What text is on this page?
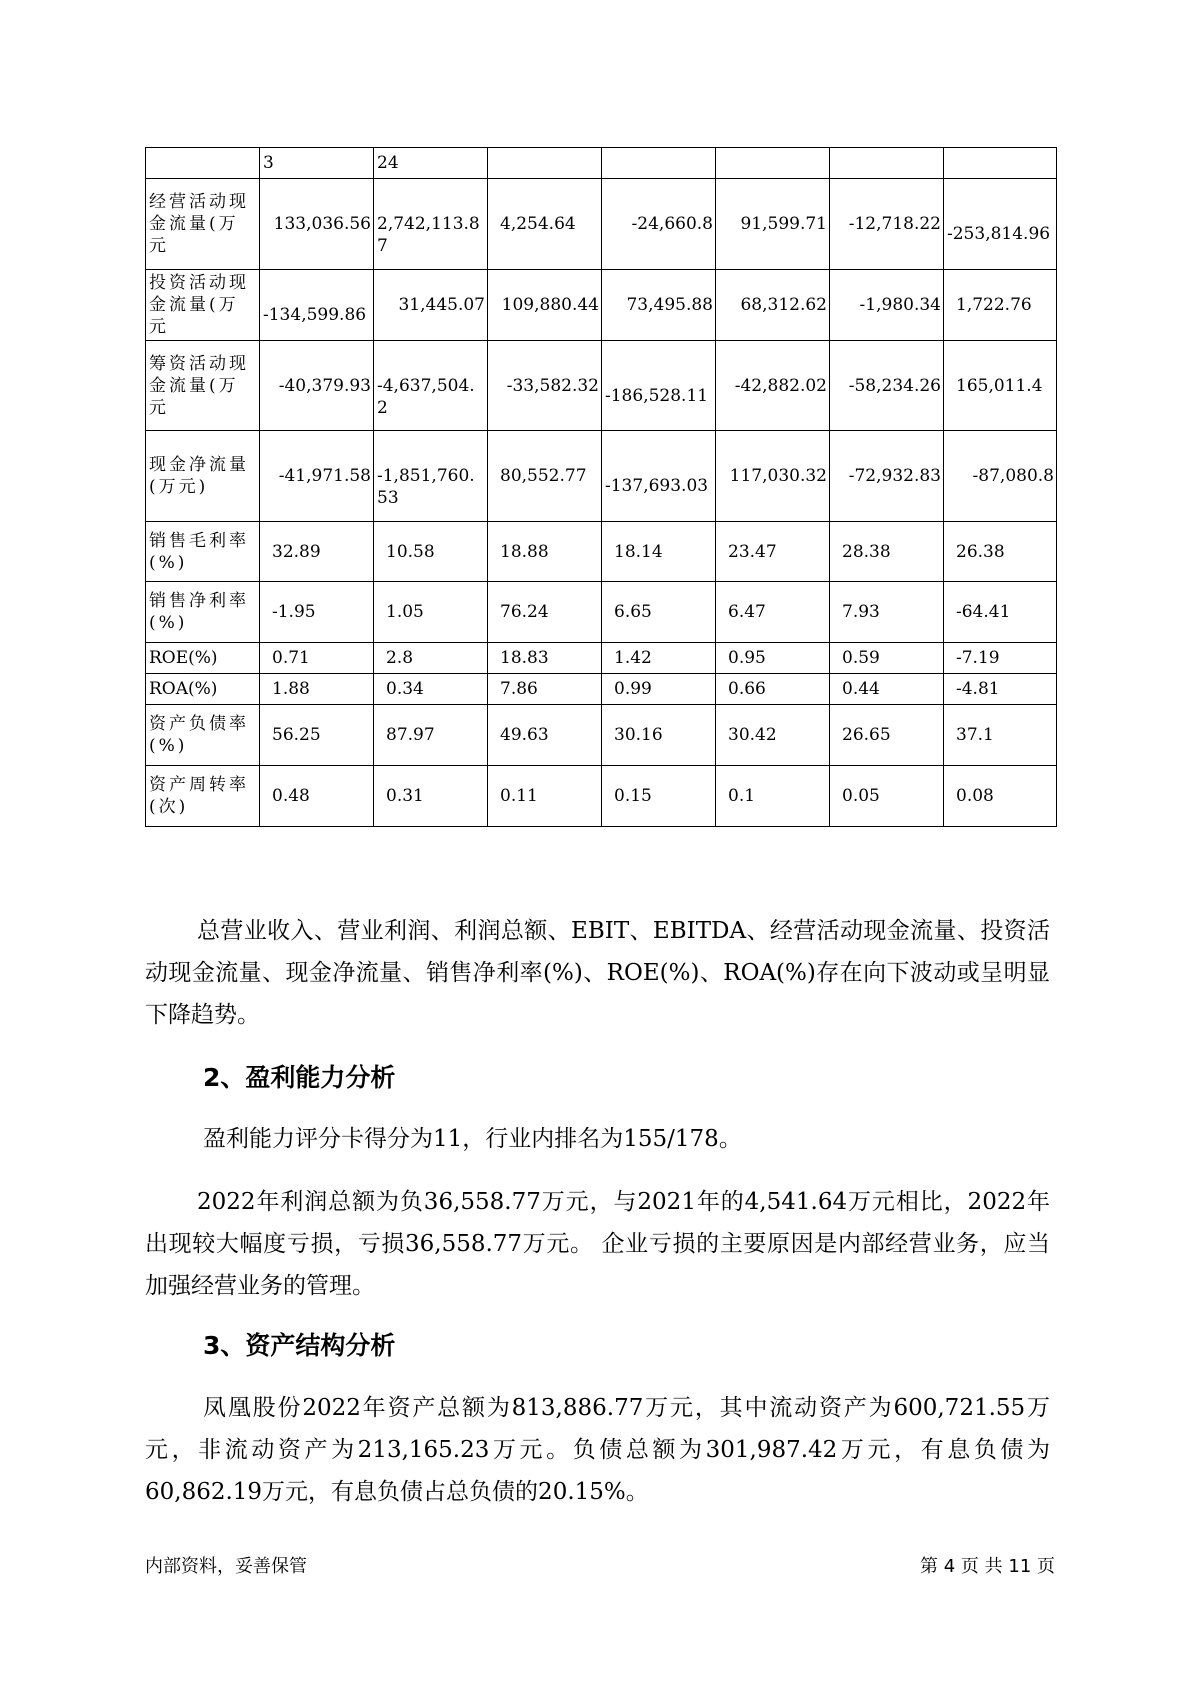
	3	24					
经营活动现金流量(万元	133,036.56	2,742,113.87	4,254.64	-24,660.8	91,599.71	-12,718.22	-253,814.96
投资活动现金流量(万元	-134,599.86	31,445.07	109,880.44	73,495.88	68,312.62	-1,980.34	1,722.76
筹资活动现金流量(万元	-40,379.93	-4,637,504.2	-33,582.32	-186,528.11	-42,882.02	-58,234.26	165,011.4
现金净流量(万元)	-41,971.58	-1,851,760.53	80,552.77	-137,693.03	117,030.32	-72,932.83	-87,080.8
销售毛利率(%)	32.89	10.58	18.88	18.14	23.47	28.38	26.38
销售净利率(%)	-1.95	1.05	76.24	6.65	6.47	7.93	-64.41
ROE(%)	0.71	2.8	18.83	1.42	0.95	0.59	-7.19
ROA(%)	1.88	0.34	7.86	0.99	0.66	0.44	-4.81
资产负债率(%)	56.25	87.97	49.63	30.16	30.42	26.65	37.1
资产周转率(次)	0.48	0.31	0.11	0.15	0.1	0.05	0.08

总营业收入、营业利润、利润总额、EBIT、EBITDA、经营活动现金流量、投资活动现金流量、现金净流量、销售净利率(%)、ROE(%)、ROA(%)存在向下波动或呈明显下降趋势。

2、盈利能力分析

盈利能力评分卡得分为11，行业内排名为155/178。

2022年利润总额为负36,558.77万元，与2021年的4,541.64万元相比，2022年出现较大幅度亏损，亏损36,558.77万元。 企业亏损的主要原因是内部经营业务，应当加强经营业务的管理。

3、资产结构分析

凤凰股份2022年资产总额为813,886.77万元，其中流动资产为600,721.55万元，非流动资产为213,165.23万元。负债总额为301,987.42万元，有息负债为60,862.19万元，有息负债占总负债的20.15%。

内部资料，妥善保管	第 4 页 共 11 页
